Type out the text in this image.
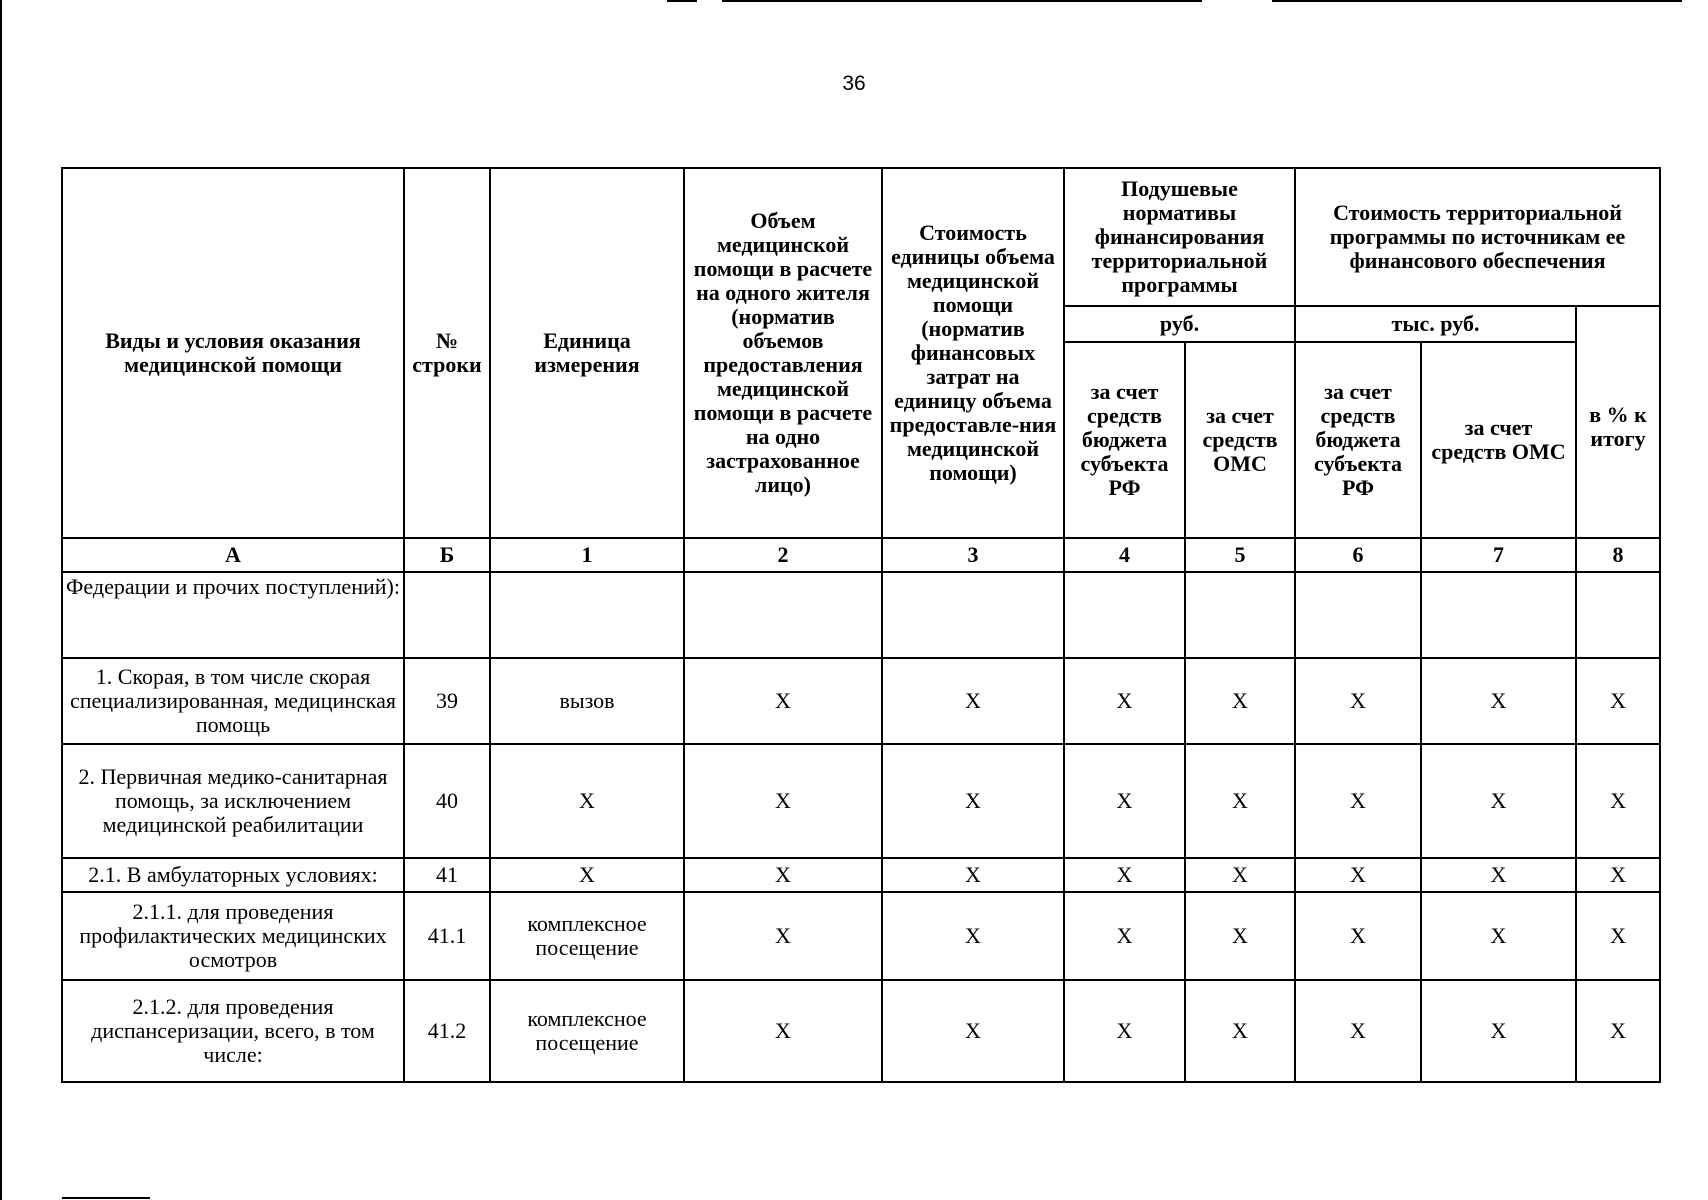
36
Виды и условия оказания медицинской помощи	№ строки	Единица измерения	Объем медицинской помощи в расчете на одного жителя (норматив объемов предоставления медицинской помощи в расчете на одно застрахованное лицо)	Стоимость единицы объема медицинской помощи (норматив финансовых затрат на единицу объема предоставле-ния медицинской помощи)	Подушевые нормативы финансирования территориальной программы		Стоимость территориальной программы по источникам ее финансового обеспечения		
					руб.		тыс. руб.		в % к итогу
					за счет средств бюджета субъекта РФ	за счет средств ОМС	за счет средств бюджета субъекта РФ	за счет средств ОМС	
А	Б	1	2	3	4	5	6	7	8
Федерации и прочих поступлений):									
1. Скорая, в том числе скорая специализированная, медицинская помощь	39	вызов	Х	Х	Х	Х	Х	Х	Х
2. Первичная медико-санитарная помощь, за исключением медицинской реабилитации	40	Х	Х	Х	Х	Х	Х	Х	Х
2.1. В амбулаторных условиях:	41	Х	Х	Х	Х	Х	Х	Х	Х
2.1.1. для проведения профилактических медицинских осмотров	41.1	комплексное посещение	Х	Х	Х	Х	Х	Х	Х
2.1.2. для проведения диспансеризации, всего, в том числе:	41.2	комплексное посещение	Х	Х	Х	Х	Х	Х	Х
